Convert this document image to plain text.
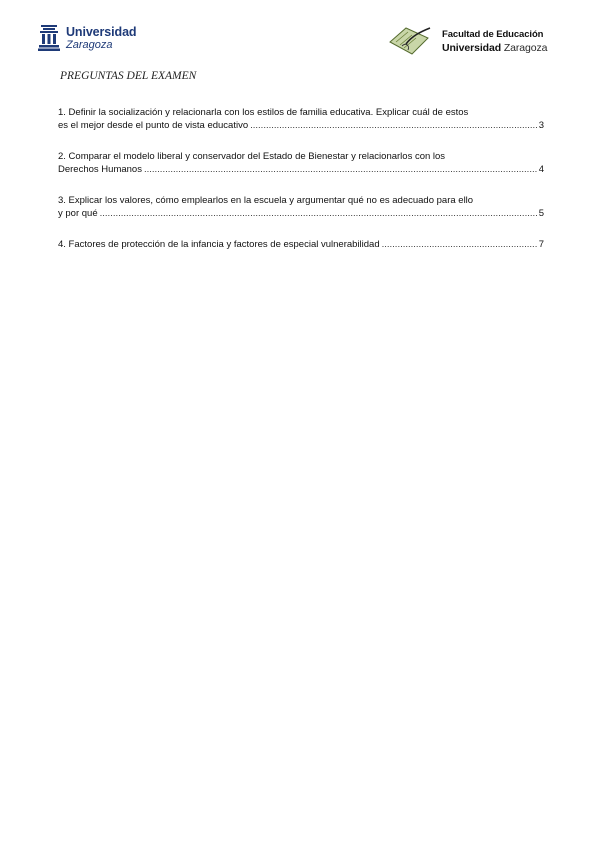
Universidad
Zaragoza
Facultad de Educación
Universidad Zaragoza
PREGUNTAS DEL EXAMEN
1. Definir la socialización y relacionarla con los estilos de familia educativa. Explicar cuál de estos
es el mejor desde el punto de vista educativo .....	3
2. Comparar el modelo liberal y conservador del Estado de Bienestar y relacionarlos con los
Derechos Humanos .....	4
3. Explicar los valores, cómo emplearlos en la escuela y argumentar qué no es adecuado para ello
y por qué .....	5
4. Factores de protección de la infancia y factores de especial vulnerabilidad .....	7
